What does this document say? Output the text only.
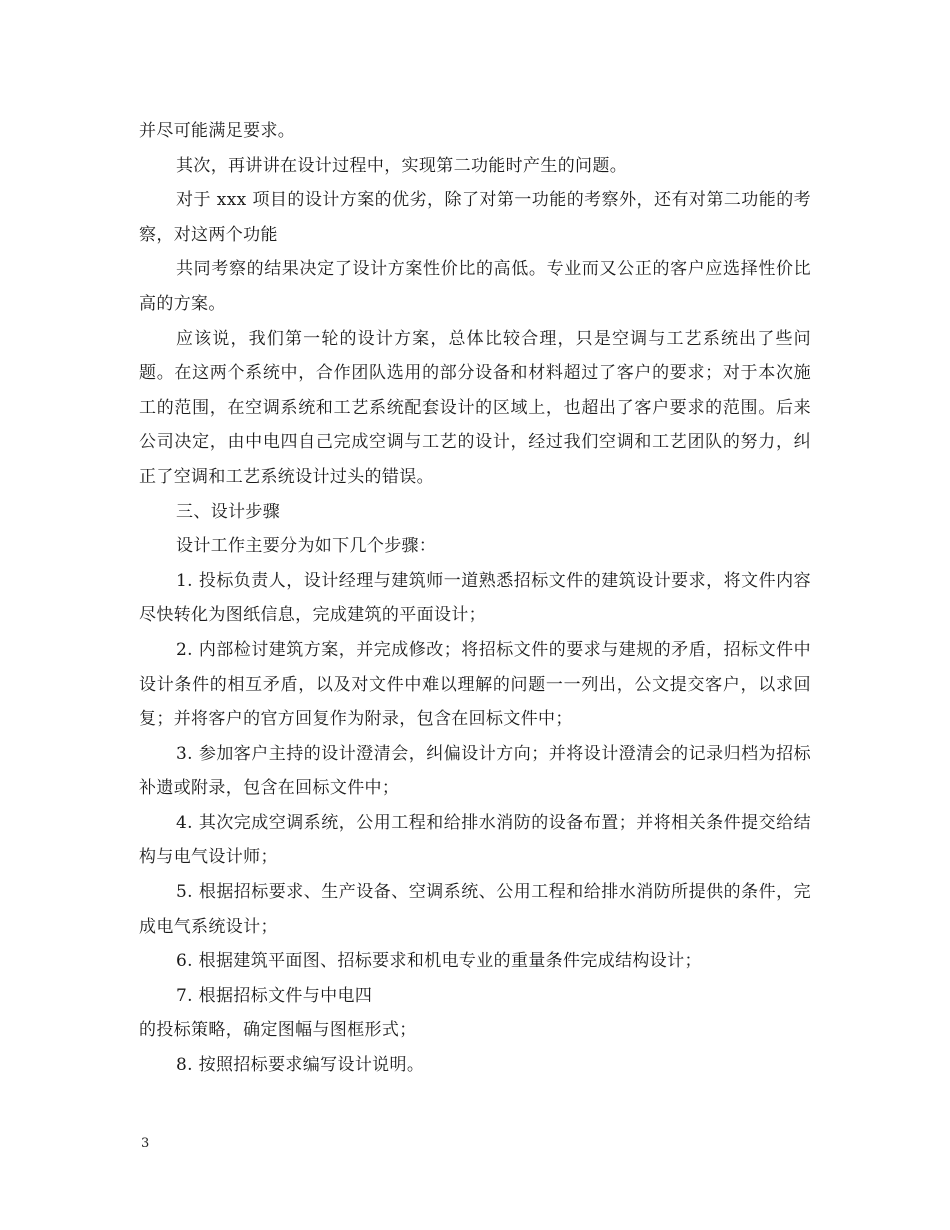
并尽可能满足要求。

其次，再讲讲在设计过程中，实现第二功能时产生的问题。

对于 xxx 项目的设计方案的优劣，除了对第一功能的考察外，还有对第二功能的考察，对这两个功能

共同考察的结果决定了设计方案性价比的高低。专业而又公正的客户应选择性价比高的方案。

应该说，我们第一轮的设计方案，总体比较合理，只是空调与工艺系统出了些问题。在这两个系统中，合作团队选用的部分设备和材料超过了客户的要求；对于本次施工的范围，在空调系统和工艺系统配套设计的区域上，也超出了客户要求的范围。后来公司决定，由中电四自己完成空调与工艺的设计，经过我们空调和工艺团队的努力，纠正了空调和工艺系统设计过头的错误。

三、设计步骤

设计工作主要分为如下几个步骤：

1. 投标负责人，设计经理与建筑师一道熟悉招标文件的建筑设计要求，将文件内容尽快转化为图纸信息，完成建筑的平面设计；

2. 内部检讨建筑方案，并完成修改；将招标文件的要求与建规的矛盾，招标文件中设计条件的相互矛盾，以及对文件中难以理解的问题一一列出，公文提交客户，以求回复；并将客户的官方回复作为附录，包含在回标文件中；

3. 参加客户主持的设计澄清会，纠偏设计方向；并将设计澄清会的记录归档为招标补遗或附录，包含在回标文件中；

4. 其次完成空调系统，公用工程和给排水消防的设备布置；并将相关条件提交给结构与电气设计师；

5. 根据招标要求、生产设备、空调系统、公用工程和给排水消防所提供的条件，完成电气系统设计；

6. 根据建筑平面图、招标要求和机电专业的重量条件完成结构设计；

7. 根据招标文件与中电四

的投标策略，确定图幅与图框形式；

8. 按照招标要求编写设计说明。

3
